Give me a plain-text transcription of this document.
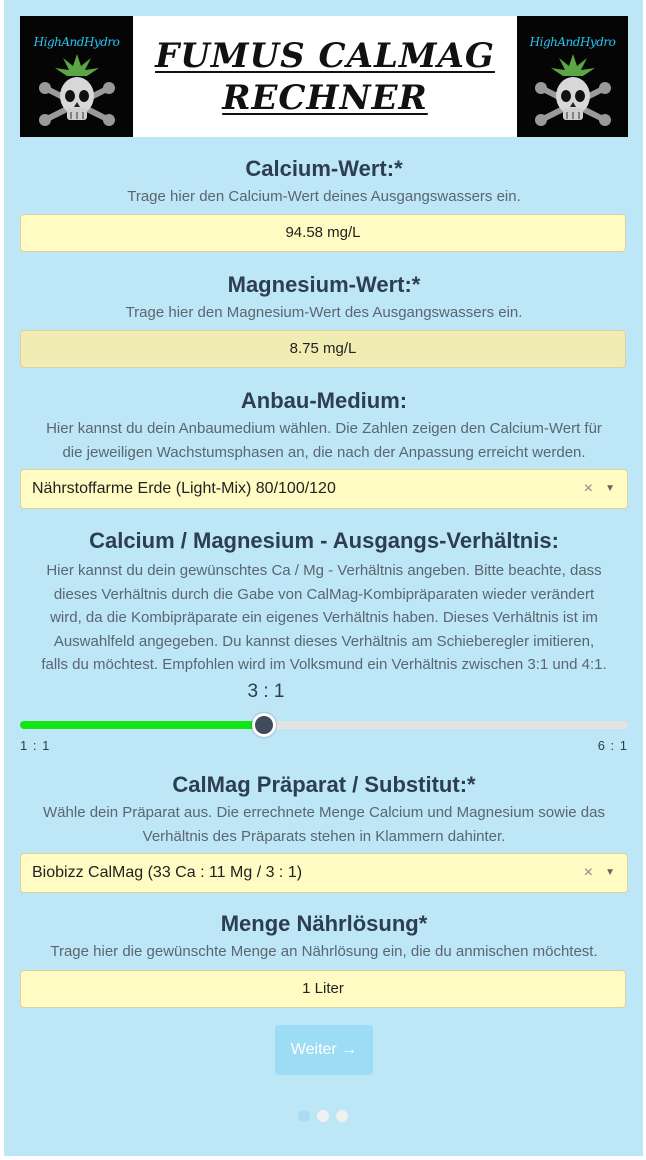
HighAndHydro	FUMUS CALMAG
RECHNER
HighAndHydro

Calcium-Wert:*

Trage hier den Calcium-Wert deines Ausgangswassers ein.

94.58 mg/L

Magnesium-Wert:*

Trage hier den Magnesium-Wert des Ausgangswassers ein.

8.75 mg/L

Anbau-Medium:

Hier kannst du dein Anbaumedium wählen. Die Zahlen zeigen den Calcium-Wert für

die jeweiligen Wachstumsphasen an, die nach der Anpassung erreicht werden.

Nährstoffarme Erde (Light-Mix) 80/100/120	× ▼

Calcium / Magnesium - Ausgangs-Verhältnis:

Hier kannst du dein gewünschtes Ca / Mg - Verhältnis angeben. Bitte beachte, dass

dieses Verhältnis durch die Gabe von CalMag-Kombipräparaten wieder verändert

wird, da die Kombipräparate ein eigenes Verhältnis haben. Dieses Verhältnis ist im

Auswahlfeld angegeben. Du kannst dieses Verhältnis am Schieberegler imitieren,

falls du möchtest. Empfohlen wird im Volksmund ein Verhältnis zwischen 3:1 und 4:1.

3 : 1
1 : 1	6 : 1

CalMag Präparat / Substitut:*

Wähle dein Präparat aus. Die errechnete Menge Calcium und Magnesium sowie das

Verhältnis des Präparats stehen in Klammern dahinter.

Biobizz CalMag (33 Ca : 11 Mg / 3 : 1)	× ▼

Menge Nährlösung*

Trage hier die gewünschte Menge an Nährlösung ein, die du anmischen möchtest.

1 Liter
Weiter →
